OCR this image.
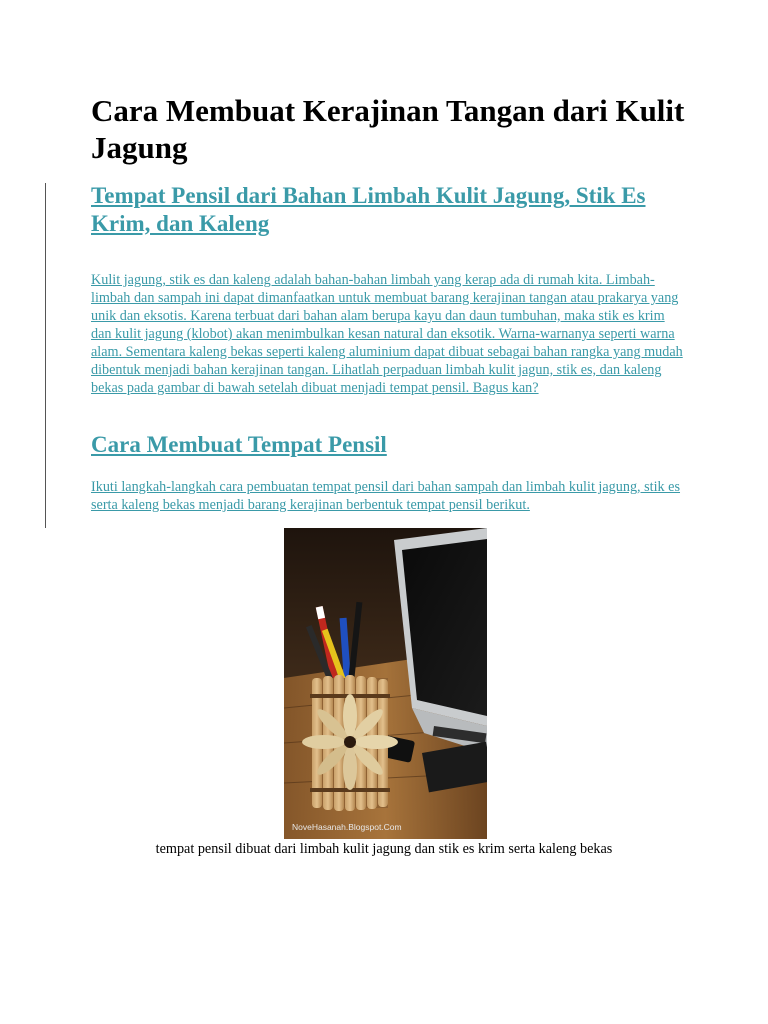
Cara Membuat Kerajinan Tangan dari Kulit Jagung
Tempat Pensil dari Bahan Limbah Kulit Jagung, Stik Es Krim, dan Kaleng

Kulit jagung, stik es dan kaleng adalah bahan-bahan limbah yang kerap ada di rumah kita. Limbah-limbah dan sampah ini dapat dimanfaatkan untuk membuat barang kerajinan tangan atau prakarya yang unik dan eksotis. Karena terbuat dari bahan alam berupa kayu dan daun tumbuhan, maka stik es krim dan kulit jagung (klobot) akan menimbulkan kesan natural dan eksotik. Warna-warnanya seperti warna alam. Sementara kaleng bekas seperti kaleng aluminium dapat dibuat sebagai bahan rangka yang mudah dibentuk menjadi bahan kerajinan tangan. Lihatlah perpaduan limbah kulit jagun, stik es, dan kaleng bekas pada gambar di bawah setelah dibuat menjadi tempat pensil. Bagus kan?

Cara Membuat Tempat Pensil

Ikuti langkah-langkah cara pembuatan tempat pensil dari bahan sampah dan limbah kulit jagung, stik es serta kaleng bekas menjadi barang kerajinan berbentuk tempat pensil berikut.

NoveHasanah.Blogspot.Com

tempat pensil dibuat dari limbah kulit jagung dan stik es krim serta kaleng bekas
